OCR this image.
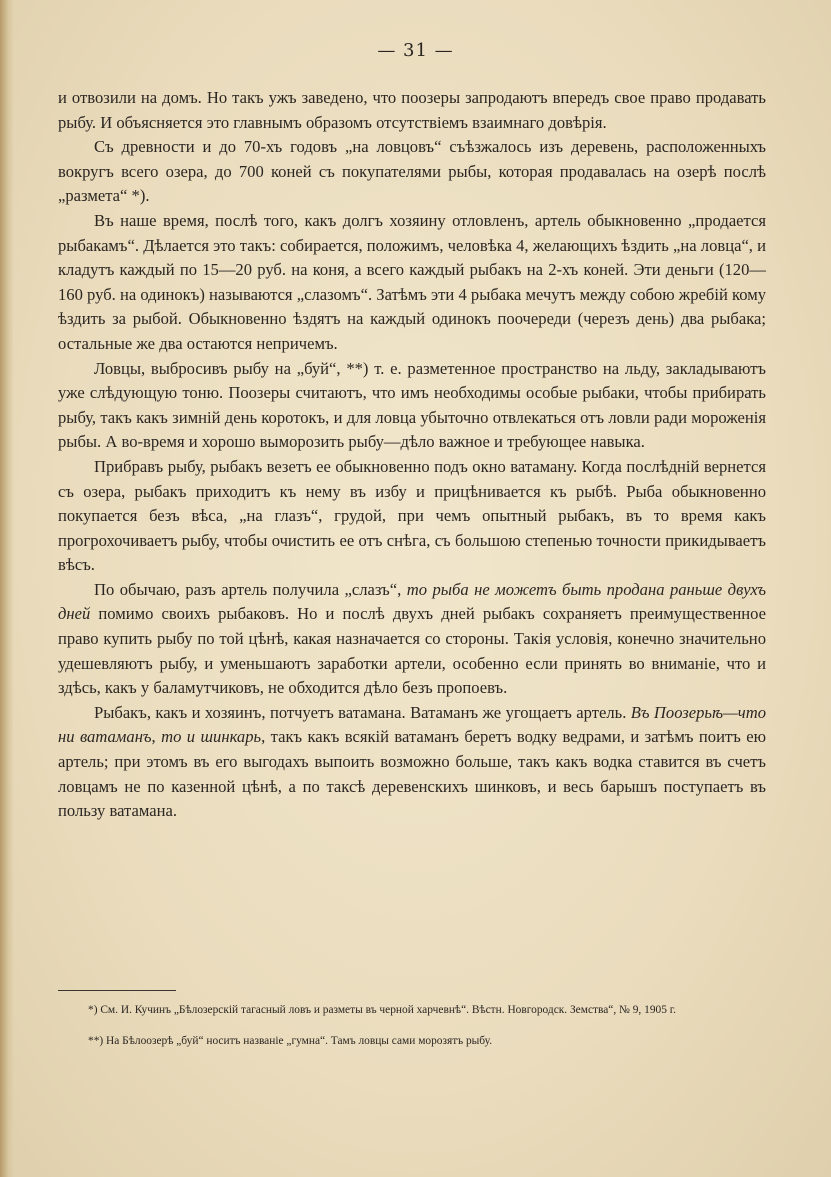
— 31 —

и отвозили на домъ. Но такъ ужъ заведено, что поозеры запродаютъ впередъ свое право продавать рыбу. И объясняется это главнымъ образомъ отсутствіемъ взаимнаго довѣрія.

Съ древности и до 70-хъ годовъ „на ловцовъ“ съѣзжалось изъ деревень, расположенныхъ вокругъ всего озера, до 700 коней съ покупателями рыбы, которая продавалась на озерѣ послѣ „размета“ *).

Въ наше время, послѣ того, какъ долгъ хозяину отловленъ, артель обыкновенно „продается рыбакамъ“. Дѣлается это такъ: собирается, положимъ, человѣка 4, желающихъ ѣздить „на ловца“, и кладутъ каждый по 15—20 руб. на коня, а всего каждый рыбакъ на 2-хъ коней. Эти деньги (120—160 руб. на одинокъ) называются „слазомъ“. Затѣмъ эти 4 рыбака мечутъ между собою жребій кому ѣздить за рыбой. Обыкновенно ѣздятъ на каждый одинокъ поочереди (черезъ день) два рыбака; остальные же два остаются непричемъ.

Ловцы, выбросивъ рыбу на „буй“, **) т. е. разметенное пространство на льду, закладываютъ уже слѣдующую тоню. Поозеры считаютъ, что имъ необходимы особые рыбаки, чтобы прибирать рыбу, такъ какъ зимній день коротокъ, и для ловца убыточно отвлекаться отъ ловли ради мороженія рыбы. А во-время и хорошо выморозить рыбу—дѣло важное и требующее навыка.

Прибравъ рыбу, рыбакъ везетъ ее обыкновенно подъ окно ватаману. Когда послѣдній вернется съ озера, рыбакъ приходитъ къ нему въ избу и прицѣнивается къ рыбѣ. Рыба обыкновенно покупается безъ вѣса, „на глазъ“, грудой, при чемъ опытный рыбакъ, въ то время какъ прогрохочиваетъ рыбу, чтобы очистить ее отъ снѣга, съ большою степенью точности прикидываетъ вѣсъ.

По обычаю, разъ артель получила „слазъ“, то рыба не можетъ быть продана раньше двухъ дней помимо своихъ рыбаковъ. Но и послѣ двухъ дней рыбакъ сохраняетъ преимущественное право купить рыбу по той цѣнѣ, какая назначается со стороны. Такія условія, конечно значительно удешевляютъ рыбу, и уменьшаютъ заработки артели, особенно если принять во вниманіе, что и здѣсь, какъ у баламутчиковъ, не обходится дѣло безъ пропоевъ.

Рыбакъ, какъ и хозяинъ, потчуетъ ватамана. Ватаманъ же угощаетъ артель. Въ Поозерьѣ—что ни ватаманъ, то и шинкарь, такъ какъ всякій ватаманъ беретъ водку ведрами, и затѣмъ поитъ ею артель; при этомъ въ его выгодахъ выпоить возможно больше, такъ какъ водка ставится въ счетъ ловцамъ не по казенной цѣнѣ, а по таксѣ деревенскихъ шинковъ, и весь барышъ поступаетъ въ пользу ватамана.

*) См. И. Кучинъ „Бѣлозерскій тагасный ловъ и разметы въ черной харчевнѣ“. Вѣстн. Новгородск. Земства“, № 9, 1905 г.

**) На Бѣлоозерѣ „буй“ носитъ названіе „гумна“. Тамъ ловцы сами морозятъ рыбу.
